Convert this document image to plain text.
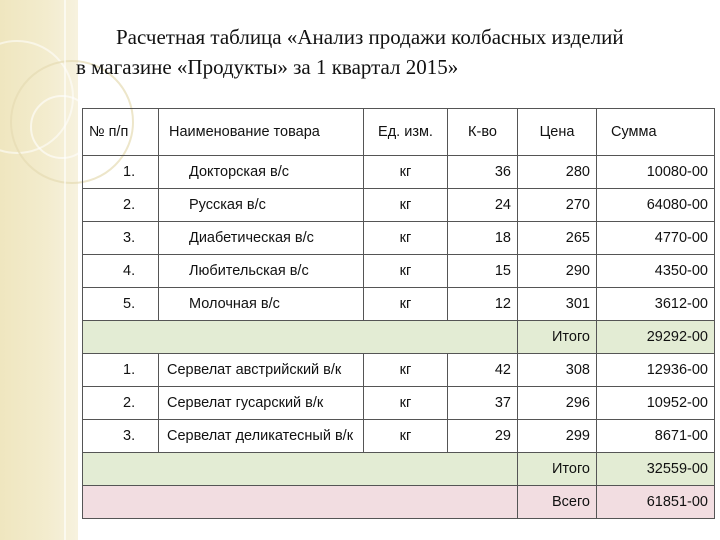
Расчетная таблица «Анализ продажи колбасных изделий
в магазине «Продукты» за 1 квартал 2015»
№ п/п	Наименование товара	Ед. изм.	К-во	Цена	Сумма
1.	Докторская в/с	кг	36	280	10080-00
2.	Русская в/с	кг	24	270	64080-00
3.	Диабетическая в/с	кг	18	265	4770-00
4.	Любительская в/с	кг	15	290	4350-00
5.	Молочная в/с	кг	12	301	3612-00
				Итого	29292-00
1.	Сервелат австрийский в/к	кг	42	308	12936-00
2.	Сервелат гусарский в/к	кг	37	296	10952-00
3.	Сервелат деликатесный в/к	кг	29	299	8671-00
				Итого	32559-00
				Всего	61851-00
